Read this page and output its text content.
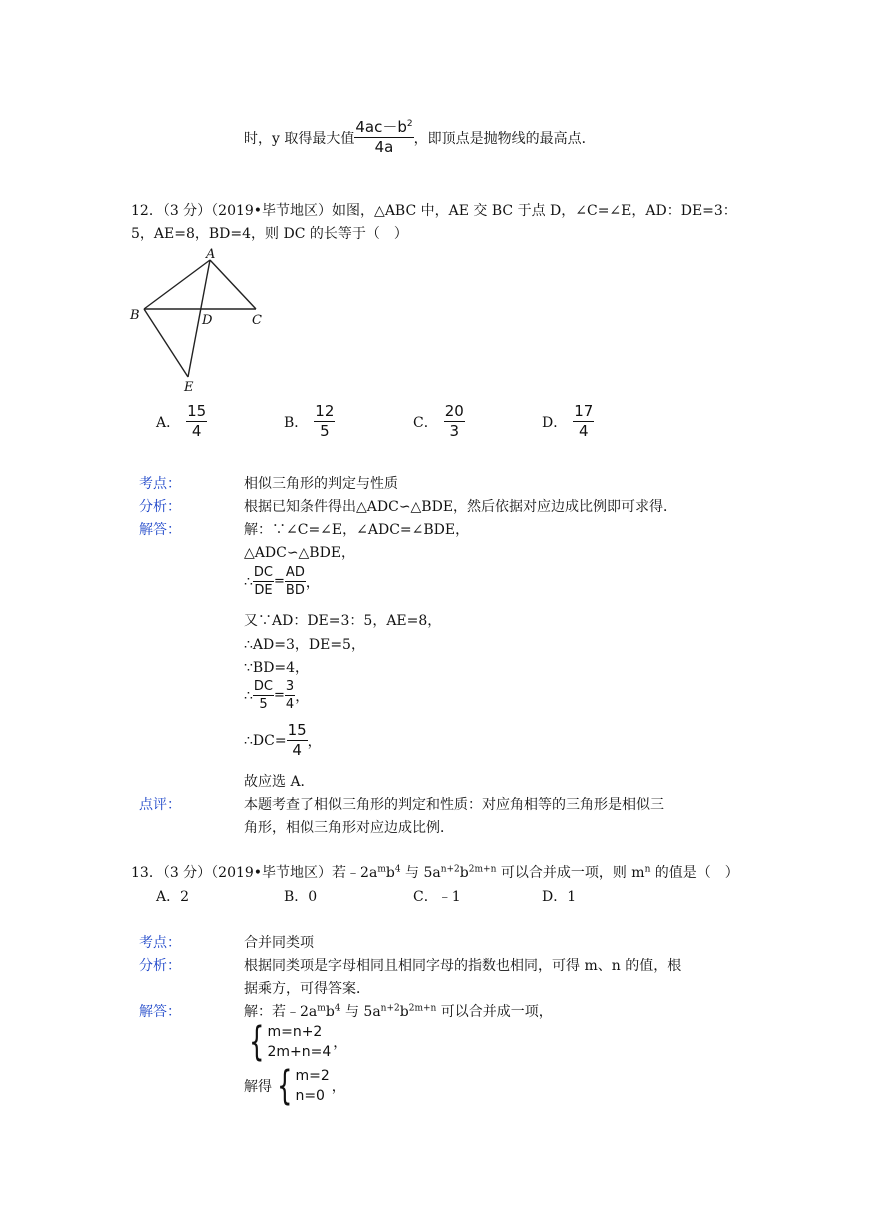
时，y 取得最大值 $\frac{4ac-b^2}{4a}$ ，即顶点是抛物线的最高点．
12．（3 分）（2019•毕节地区）如图，△ABC 中，AE 交 BC 于点 D，∠C=∠E，AD：DE=3：
5，AE=8，BD=4，则 DC 的长等于（　）
A
B	C
D
E
A． $\frac{15}{4}$	B． $\frac{12}{5}$	C． $\frac{20}{3}$	D． $\frac{17}{4}$
考点：	相似三角形的判定与性质
分析：	根据已知条件得出△ADC∽△BDE，然后依据对应边成比例即可求得．
解答：	解：∵∠C=∠E，∠ADC=∠BDE，
△ADC∽△BDE，
∴ $\frac{DC}{DE} = \frac{AD}{BD}$ ，
又∵AD：DE=3：5，AE=8，
∴AD=3，DE=5，
∵BD=4，
∴ $\frac{DC}{5} = \frac{3}{4}$ ，
∴DC= $\frac{15}{4}$ ，
故应选 A．
点评：	本题考查了相似三角形的判定和性质：对应角相等的三角形是相似三
角形，相似三角形对应边成比例．
13．（3 分）（2019•毕节地区）若$﹣2a^mb^4$ 与 $5a^{n+2}b^{2m+n}$ 可以合并成一项，则 $m^n$ 的值是（　）
A．2	B．0	C．﹣1	D．1
考点：	合并同类项
分析：	根据同类项是字母相同且相同字母的指数也相同，可得 m、n 的值，根
据乘方，可得答案．
解答：	解：若$﹣2a^mb^4$ 与 $5a^{n+2}b^{2m+n}$ 可以合并成一项，
{ m=n+2
2m+n=4
，
解得 { m=2
n=0
，
